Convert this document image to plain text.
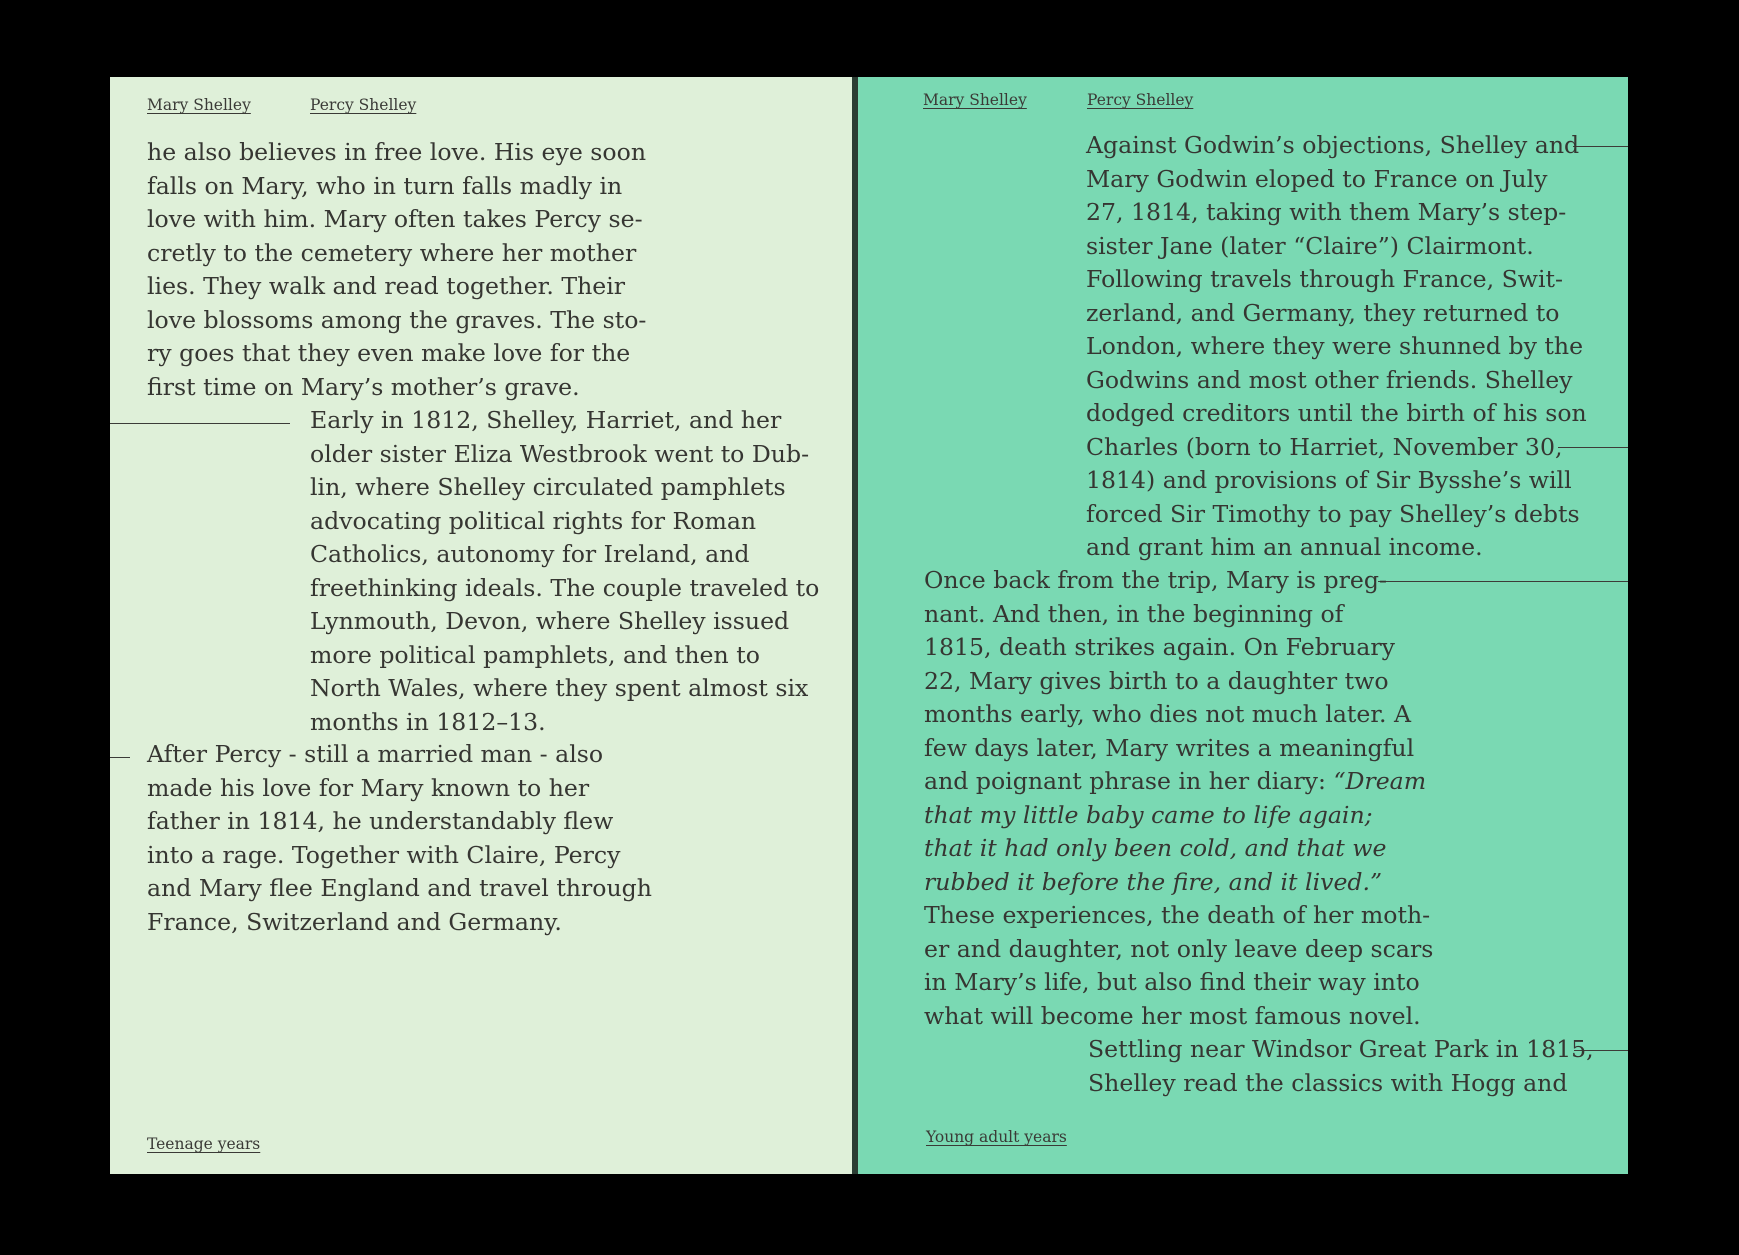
Mary Shelley	Percy Shelley

he also believes in free love. His eye soon
falls on Mary, who in turn falls madly in
love with him. Mary often takes Percy se-
cretly to the cemetery where her mother
lies. They walk and read together. Their
love blossoms among the graves. The sto-
ry goes that they even make love for the
first time on Mary’s mother’s grave.

Early in 1812, Shelley, Harriet, and her
older sister Eliza Westbrook went to Dub-
lin, where Shelley circulated pamphlets
advocating political rights for Roman
Catholics, autonomy for Ireland, and
freethinking ideals. The couple traveled to
Lynmouth, Devon, where Shelley issued
more political pamphlets, and then to
North Wales, where they spent almost six
months in 1812–13.

After Percy - still a married man - also
made his love for Mary known to her
father in 1814, he understandably flew
into a rage. Together with Claire, Percy
and Mary flee England and travel through
France, Switzerland and Germany.

Teenage years
Mary Shelley	Percy Shelley

Against Godwin’s objections, Shelley and
Mary Godwin eloped to France on July
27, 1814, taking with them Mary’s step-
sister Jane (later “Claire”) Clairmont.
Following travels through France, Swit-
zerland, and Germany, they returned to
London, where they were shunned by the
Godwins and most other friends. Shelley
dodged creditors until the birth of his son
Charles (born to Harriet, November 30,
1814) and provisions of Sir Bysshe’s will
forced Sir Timothy to pay Shelley’s debts
and grant him an annual income.

Once back from the trip, Mary is preg-
nant. And then, in the beginning of
1815, death strikes again. On February
22, Mary gives birth to a daughter two
months early, who dies not much later. A
few days later, Mary writes a meaningful
and poignant phrase in her diary: “Dream
that my little baby came to life again;
that it had only been cold, and that we
rubbed it before the fire, and it lived.”
These experiences, the death of her moth-
er and daughter, not only leave deep scars
in Mary’s life, but also find their way into
what will become her most famous novel.

Settling near Windsor Great Park in 1815,
Shelley read the classics with Hogg and

Young adult years
